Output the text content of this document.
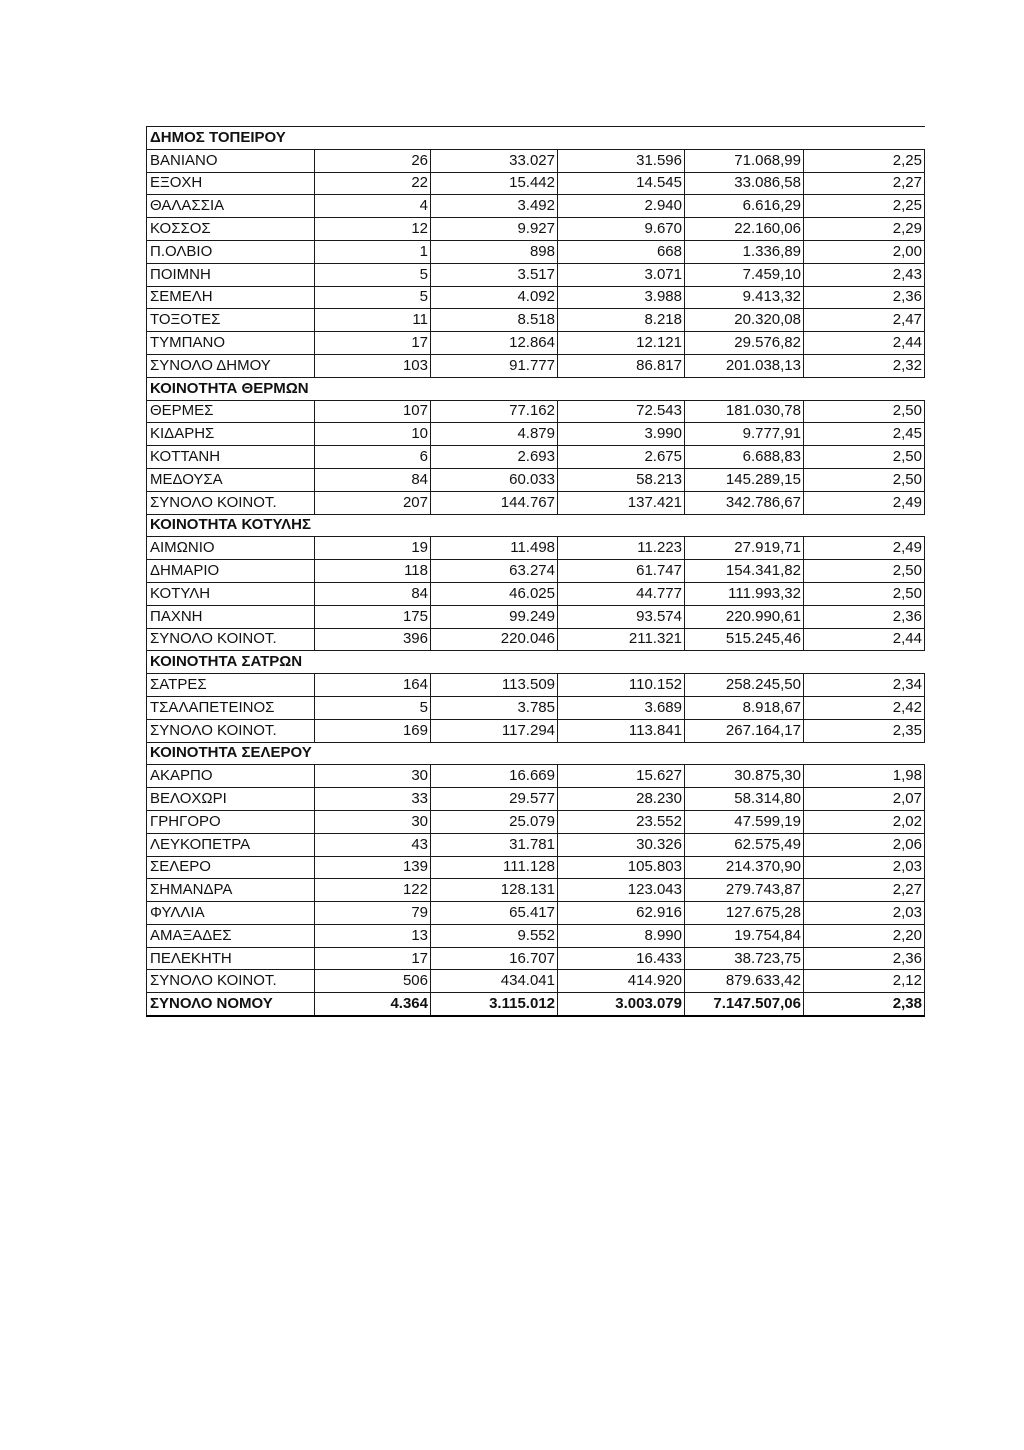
ΔΗΜΟΣ ΤΟΠΕΙΡΟΥ					
ΒΑΝΙΑΝΟ	26	33.027	31.596	71.068,99	2,25
ΕΞΟΧΗ	22	15.442	14.545	33.086,58	2,27
ΘΑΛΑΣΣΙΑ	4	3.492	2.940	6.616,29	2,25
ΚΟΣΣΟΣ	12	9.927	9.670	22.160,06	2,29
Π.ΟΛΒΙΟ	1	898	668	1.336,89	2,00
ΠΟΙΜΝΗ	5	3.517	3.071	7.459,10	2,43
ΣΕΜΕΛΗ	5	4.092	3.988	9.413,32	2,36
ΤΟΞΟΤΕΣ	11	8.518	8.218	20.320,08	2,47
ΤΥΜΠΑΝΟ	17	12.864	12.121	29.576,82	2,44
ΣΥΝΟΛΟ ΔΗΜΟΥ	103	91.777	86.817	201.038,13	2,32
ΚΟΙΝΟΤΗΤΑ ΘΕΡΜΩΝ					
ΘΕΡΜΕΣ	107	77.162	72.543	181.030,78	2,50
ΚΙΔΑΡΗΣ	10	4.879	3.990	9.777,91	2,45
ΚΟΤΤΑΝΗ	6	2.693	2.675	6.688,83	2,50
ΜΕΔΟΥΣΑ	84	60.033	58.213	145.289,15	2,50
ΣΥΝΟΛΟ ΚΟΙΝΟΤ.	207	144.767	137.421	342.786,67	2,49
ΚΟΙΝΟΤΗΤΑ ΚΟΤΥΛΗΣ					
ΑΙΜΩΝΙΟ	19	11.498	11.223	27.919,71	2,49
ΔΗΜΑΡΙΟ	118	63.274	61.747	154.341,82	2,50
ΚΟΤΥΛΗ	84	46.025	44.777	111.993,32	2,50
ΠΑΧΝΗ	175	99.249	93.574	220.990,61	2,36
ΣΥΝΟΛΟ ΚΟΙΝΟΤ.	396	220.046	211.321	515.245,46	2,44
ΚΟΙΝΟΤΗΤΑ ΣΑΤΡΩΝ					
ΣΑΤΡΕΣ	164	113.509	110.152	258.245,50	2,34
ΤΣΑΛΑΠΕΤΕΙΝΟΣ	5	3.785	3.689	8.918,67	2,42
ΣΥΝΟΛΟ ΚΟΙΝΟΤ.	169	117.294	113.841	267.164,17	2,35
ΚΟΙΝΟΤΗΤΑ ΣΕΛΕΡΟΥ					
ΑΚΑΡΠΟ	30	16.669	15.627	30.875,30	1,98
ΒΕΛΟΧΩΡΙ	33	29.577	28.230	58.314,80	2,07
ΓΡΗΓΟΡΟ	30	25.079	23.552	47.599,19	2,02
ΛΕΥΚΟΠΕΤΡΑ	43	31.781	30.326	62.575,49	2,06
ΣΕΛΕΡΟ	139	111.128	105.803	214.370,90	2,03
ΣΗΜΑΝΔΡΑ	122	128.131	123.043	279.743,87	2,27
ΦΥΛΛΙΑ	79	65.417	62.916	127.675,28	2,03
ΑΜΑΞΑΔΕΣ	13	9.552	8.990	19.754,84	2,20
ΠΕΛΕΚΗΤΗ	17	16.707	16.433	38.723,75	2,36
ΣΥΝΟΛΟ ΚΟΙΝΟΤ.	506	434.041	414.920	879.633,42	2,12
ΣΥΝΟΛΟ ΝΟΜΟΥ	4.364	3.115.012	3.003.079	7.147.507,06	2,38
